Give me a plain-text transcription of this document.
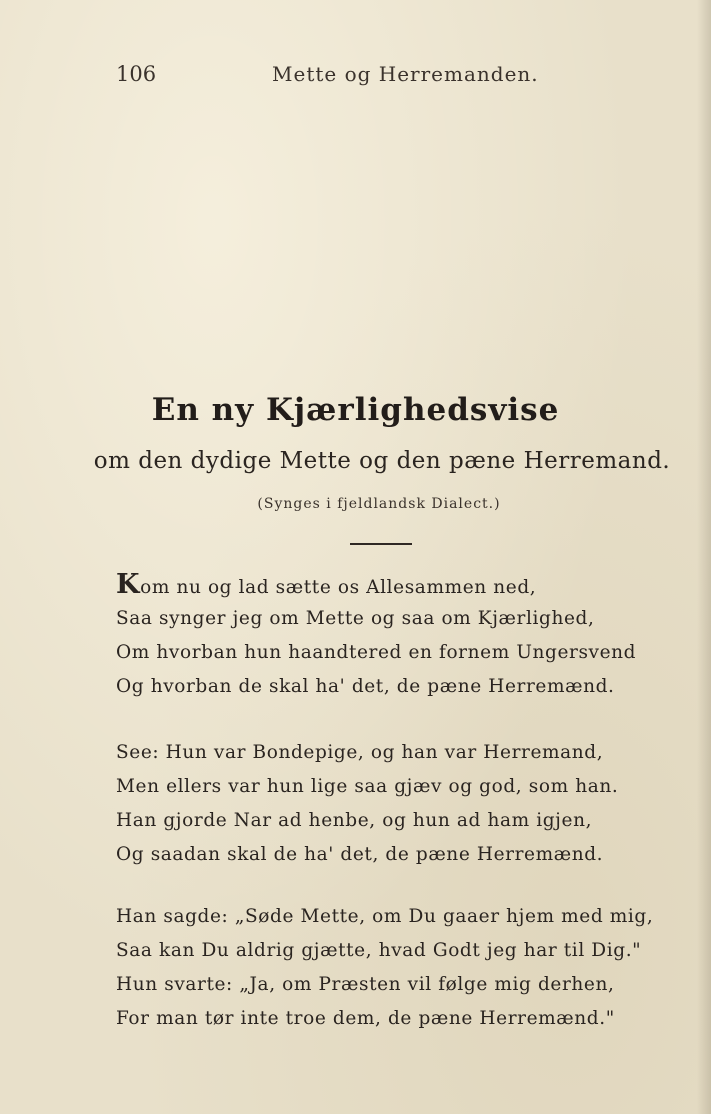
106	Mette og Herremanden.
En ny Kjærlighedsvise
om den dydige Mette og den pæne Herremand.
(Synges i fjeldlandsk Dialect.)
Kom nu og lad sætte os Allesammen ned,
Saa synger jeg om Mette og saa om Kjærlighed,
Om hvorban hun haandtered en fornem Ungersvend
Og hvorban de skal ha' det, de pæne Herremænd.
See: Hun var Bondepige, og han var Herremand,
Men ellers var hun lige saa gjæv og god, som han.
Han gjorde Nar ad henbe, og hun ad ham igjen,
Og saadan skal de ha' det, de pæne Herremænd.
Han sagde: „Søde Mette, om Du gaaer hjem med mig,
Saa kan Du aldrig gjætte, hvad Godt jeg har til Dig."
Hun svarte: „Ja, om Præsten vil følge mig derhen,
For man tør inte troe dem, de pæne Herremænd."
